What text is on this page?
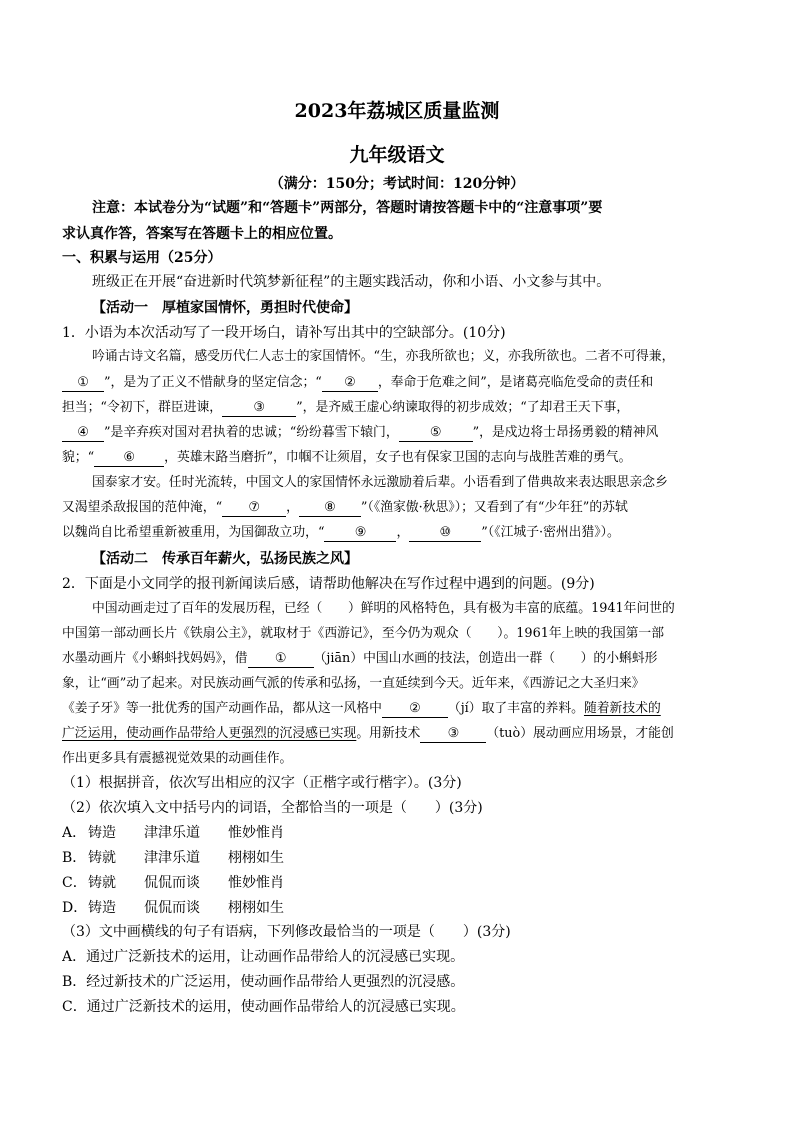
2023年荔城区质量监测
九年级语文
（满分：150分；考试时间：120分钟）
注意：本试卷分为“试题”和“答题卡”两部分，答题时请按答题卡中的“注意事项”要
求认真作答，答案写在答题卡上的相应位置。
一、积累与运用（25分）
班级正在开展“奋进新时代筑梦新征程”的主题实践活动，你和小语、小文参与其中。
【活动一　厚植家国情怀，勇担时代使命】
1．小语为本次活动写了一段开场白，请补写出其中的空缺部分。(10分)
吟诵古诗文名篇，感受历代仁人志士的家国情怀。“生，亦我所欲也；义，亦我所欲也。二者不可得兼，
① ”，是为了正义不惜献身的坚定信念；“ ② ，奉命于危难之间”，是诸葛亮临危受命的责任和
担当；“令初下，群臣进谏， ③ ”，是齐威王虚心纳谏取得的初步成效；“了却君王天下事，
④ ”是辛弃疾对国对君执着的忠诚；“纷纷暮雪下辕门， ⑤ ”，是戍边将士昂扬勇毅的精神风
貌；“ ⑥ ，英雄末路当磨折”，巾帼不让须眉，女子也有保家卫国的志向与战胜苦难的勇气。
国泰家才安。任时光流转，中国文人的家国情怀永远激励着后辈。小语看到了借典故来表达眼思亲念乡
又渴望杀敌报国的范仲淹，“ ⑦ ， ⑧ ”（《渔家傲·秋思》）；又看到了有“少年狂”的苏轼
以魏尚自比希望重新被重用，为国御敌立功，“ ⑨ ， ⑩ ”（《江城子·密州出猎》）。
【活动二　传承百年薪火，弘扬民族之风】
2．下面是小文同学的报刊新闻读后感，请帮助他解决在写作过程中遇到的问题。(9分)
中国动画走过了百年的发展历程，已经（　　）鲜明的风格特色，具有极为丰富的底蕴。1941年问世的
中国第一部动画长片《铁扇公主》，就取材于《西游记》，至今仍为观众（　　）。1961年上映的我国第一部
水墨动画片《小蝌蚪找妈妈》，借 ① （jiān）中国山水画的技法，创造出一群（　　）的小蝌蚪形
象，让“画”动了起来。对民族动画气派的传承和弘扬，一直延续到今天。近年来，《西游记之大圣归来》
《姜子牙》等一批优秀的国产动画作品，都从这一风格中 ② （jí）取了丰富的养料。随着新技术的
广泛运用，使动画作品带给人更强烈的沉浸感已实现。用新技术 ③ （tuò）展动画应用场景，才能创
作出更多具有震撼视觉效果的动画佳作。
（1）根据拼音，依次写出相应的汉字（正楷字或行楷字）。(3分)
（2）依次填入文中括号内的词语，全都恰当的一项是（　　）(3分)
A． 铸造 津津乐道 惟妙惟肖
B． 铸就 津津乐道 栩栩如生
C．铸就 侃侃而谈 惟妙惟肖
D．铸造 侃侃而谈 栩栩如生
（3）文中画横线的句子有语病，下列修改最恰当的一项是（　　）(3分)
A．通过广泛新技术的运用，让动画作品带给人的沉浸感已实现。
B．经过新技术的广泛运用，使动画作品带给人更强烈的沉浸感。
C．通过广泛新技术的运用，使动画作品带给人的沉浸感已实现。
